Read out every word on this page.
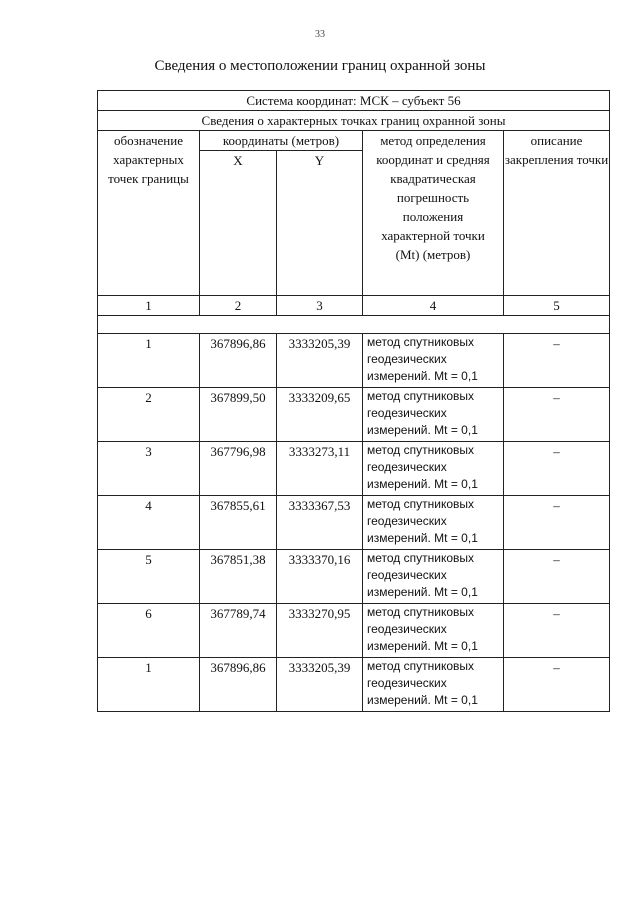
33
Сведения о местоположении границ охранной зоны
Система координат: МСК – субъект 56				
Сведения о характерных точках границ охранной зоны				
обозначение характерных точек границы	координаты (метров)		метод определения координат и средняя квадратическая погрешность положения характерной точки (Mt) (метров)	описание закрепления точки
	X	Y		
1	2	3	4	5

1	367896,86	3333205,39	метод спутниковых геодезических измерений. Mt = 0,1	–
2	367899,50	3333209,65	метод спутниковых геодезических измерений. Mt = 0,1	–
3	367796,98	3333273,11	метод спутниковых геодезических измерений. Mt = 0,1	–
4	367855,61	3333367,53	метод спутниковых геодезических измерений. Mt = 0,1	–
5	367851,38	3333370,16	метод спутниковых геодезических измерений. Mt = 0,1	–
6	367789,74	3333270,95	метод спутниковых геодезических измерений. Mt = 0,1	–
1	367896,86	3333205,39	метод спутниковых геодезических измерений. Mt = 0,1	–
